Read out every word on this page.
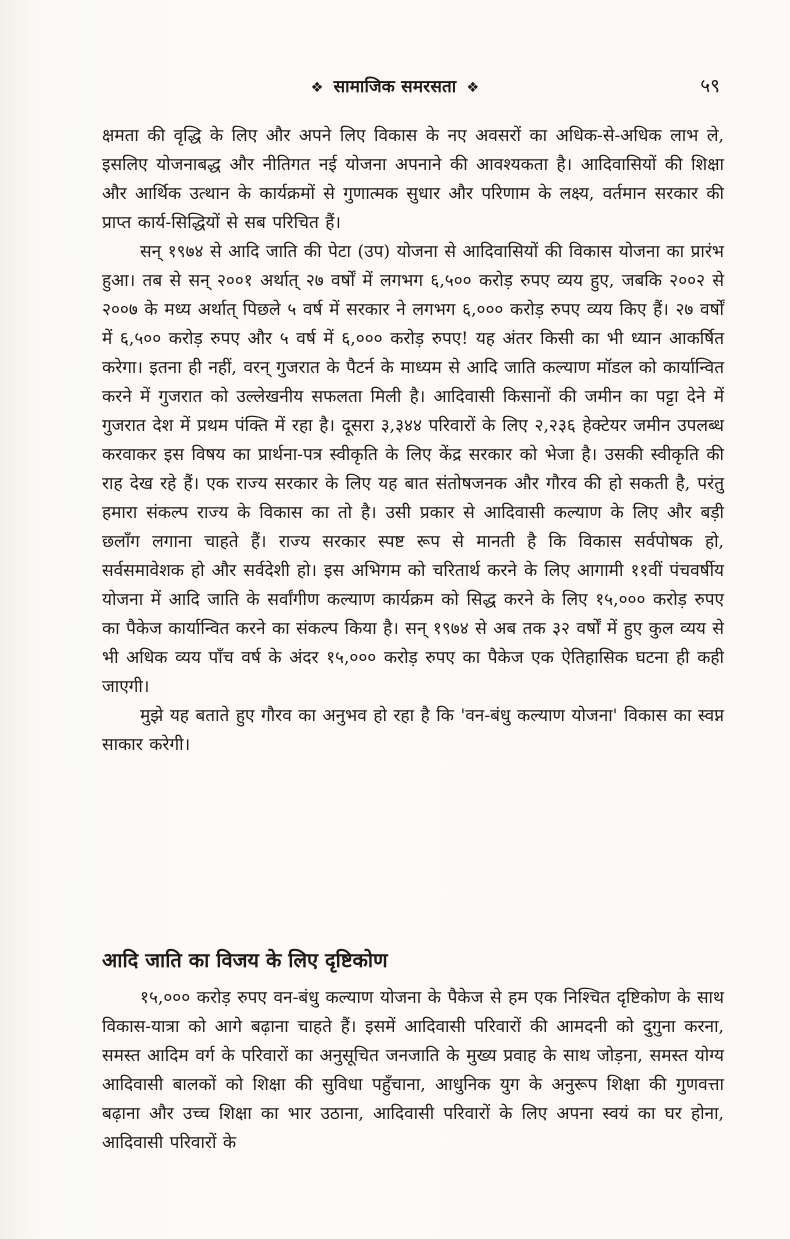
❖ सामाजिक समरसता ❖	५९

क्षमता की वृद्धि के लिए और अपने लिए विकास के नए अवसरों का अधिक-से-अधिक लाभ ले, इसलिए योजनाबद्ध और नीतिगत नई योजना अपनाने की आवश्यकता है। आदिवासियों की शिक्षा और आर्थिक उत्थान के कार्यक्रमों से गुणात्मक सुधार और परिणाम के लक्ष्य, वर्तमान सरकार की प्राप्त कार्य-सिद्धियों से सब परिचित हैं।

सन् १९७४ से आदि जाति की पेटा (उप) योजना से आदिवासियों की विकास योजना का प्रारंभ हुआ। तब से सन् २००१ अर्थात् २७ वर्षों में लगभग ६,५०० करोड़ रुपए व्यय हुए, जबकि २००२ से २००७ के मध्य अर्थात् पिछले ५ वर्ष में सरकार ने लगभग ६,००० करोड़ रुपए व्यय किए हैं। २७ वर्षों में ६,५०० करोड़ रुपए और ५ वर्ष में ६,००० करोड़ रुपए! यह अंतर किसी का भी ध्यान आकर्षित करेगा। इतना ही नहीं, वरन् गुजरात के पैटर्न के माध्यम से आदि जाति कल्याण मॉडल को कार्यान्वित करने में गुजरात को उल्लेखनीय सफलता मिली है। आदिवासी किसानों की जमीन का पट्टा देने में गुजरात देश में प्रथम पंक्ति में रहा है। दूसरा ३,३४४ परिवारों के लिए २,२३६ हेक्टेयर जमीन उपलब्ध करवाकर इस विषय का प्रार्थना-पत्र स्वीकृति के लिए केंद्र सरकार को भेजा है। उसकी स्वीकृति की राह देख रहे हैं। एक राज्य सरकार के लिए यह बात संतोषजनक और गौरव की हो सकती है, परंतु हमारा संकल्प राज्य के विकास का तो है। उसी प्रकार से आदिवासी कल्याण के लिए और बड़ी छलाँग लगाना चाहते हैं। राज्य सरकार स्पष्ट रूप से मानती है कि विकास सर्वपोषक हो, सर्वसमावेशक हो और सर्वदेशी हो। इस अभिगम को चरितार्थ करने के लिए आगामी ११वीं पंचवर्षीय योजना में आदि जाति के सर्वांगीण कल्याण कार्यक्रम को सिद्ध करने के लिए १५,००० करोड़ रुपए का पैकेज कार्यान्वित करने का संकल्प किया है। सन् १९७४ से अब तक ३२ वर्षों में हुए कुल व्यय से भी अधिक व्यय पाँच वर्ष के अंदर १५,००० करोड़ रुपए का पैकेज एक ऐतिहासिक घटना ही कही जाएगी।

मुझे यह बताते हुए गौरव का अनुभव हो रहा है कि 'वन-बंधु कल्याण योजना' विकास का स्वप्न साकार करेगी।

आदि जाति का विजय के लिए दृष्टिकोण

१५,००० करोड़ रुपए वन-बंधु कल्याण योजना के पैकेज से हम एक निश्चित दृष्टिकोण के साथ विकास-यात्रा को आगे बढ़ाना चाहते हैं। इसमें आदिवासी परिवारों की आमदनी को दुगुना करना, समस्त आदिम वर्ग के परिवारों का अनुसूचित जनजाति के मुख्य प्रवाह के साथ जोड़ना, समस्त योग्य आदिवासी बालकों को शिक्षा की सुविधा पहुँचाना, आधुनिक युग के अनुरूप शिक्षा की गुणवत्ता बढ़ाना और उच्च शिक्षा का भार उठाना, आदिवासी परिवारों के लिए अपना स्वयं का घर होना, आदिवासी परिवारों के
